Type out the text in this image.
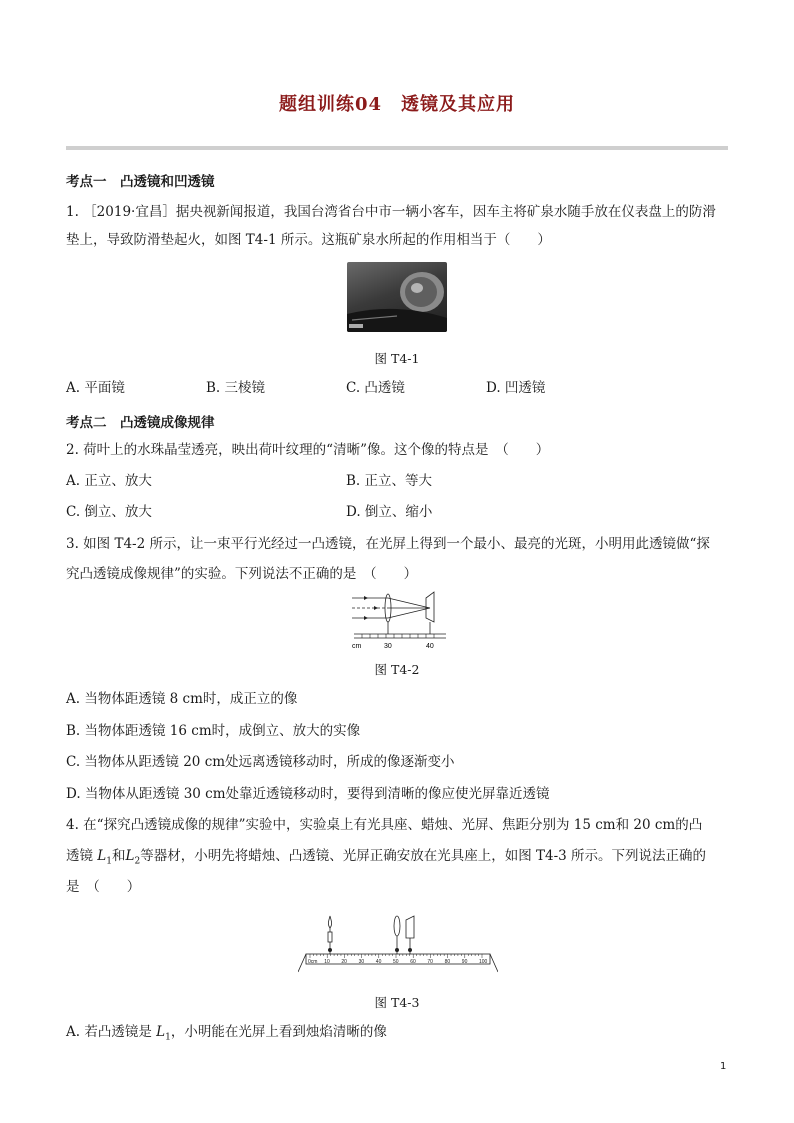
题组训练04　透镜及其应用
考点一　凸透镜和凹透镜
1. ［2019·宜昌］据央视新闻报道，我国台湾省台中市一辆小客车，因车主将矿泉水随手放在仪表盘上的防滑
垫上，导致防滑垫起火，如图 T4-1 所示。这瓶矿泉水所起的作用相当于（　　）
图 T4-1
A. 平面镜	B. 三棱镜	C. 凸透镜	D. 凹透镜
考点二　凸透镜成像规律
2. 荷叶上的水珠晶莹透亮，映出荷叶纹理的“清晰”像。这个像的特点是　（　　）
A. 正立、放大	B. 正立、等大
C. 倒立、放大	D. 倒立、缩小
3. 如图 T4-2 所示，让一束平行光经过一凸透镜，在光屏上得到一个最小、最亮的光斑，小明用此透镜做“探
究凸透镜成像规律”的实验。下列说法不正确的是　（　　）
cm	30	40
图 T4-2
A. 当物体距透镜 8 cm时，成正立的像
B. 当物体距透镜 16 cm时，成倒立、放大的实像
C. 当物体从距透镜 20 cm处远离透镜移动时，所成的像逐渐变小
D. 当物体从距透镜 30 cm处靠近透镜移动时，要得到清晰的像应使光屏靠近透镜
4. 在“探究凸透镜成像的规律”实验中，实验桌上有光具座、蜡烛、光屏、焦距分别为 15 cm和 20 cm的凸
透镜 $L_1$和$L_2$等器材，小明先将蜡烛、凸透镜、光屏正确安放在光具座上，如图 T4-3 所示。下列说法正确的
是　（　　）
0cm 10 20 30 40 50 60 70 80 90 100
图 T4-3
A. 若凸透镜是 $L_1$，小明能在光屏上看到烛焰清晰的像
1
